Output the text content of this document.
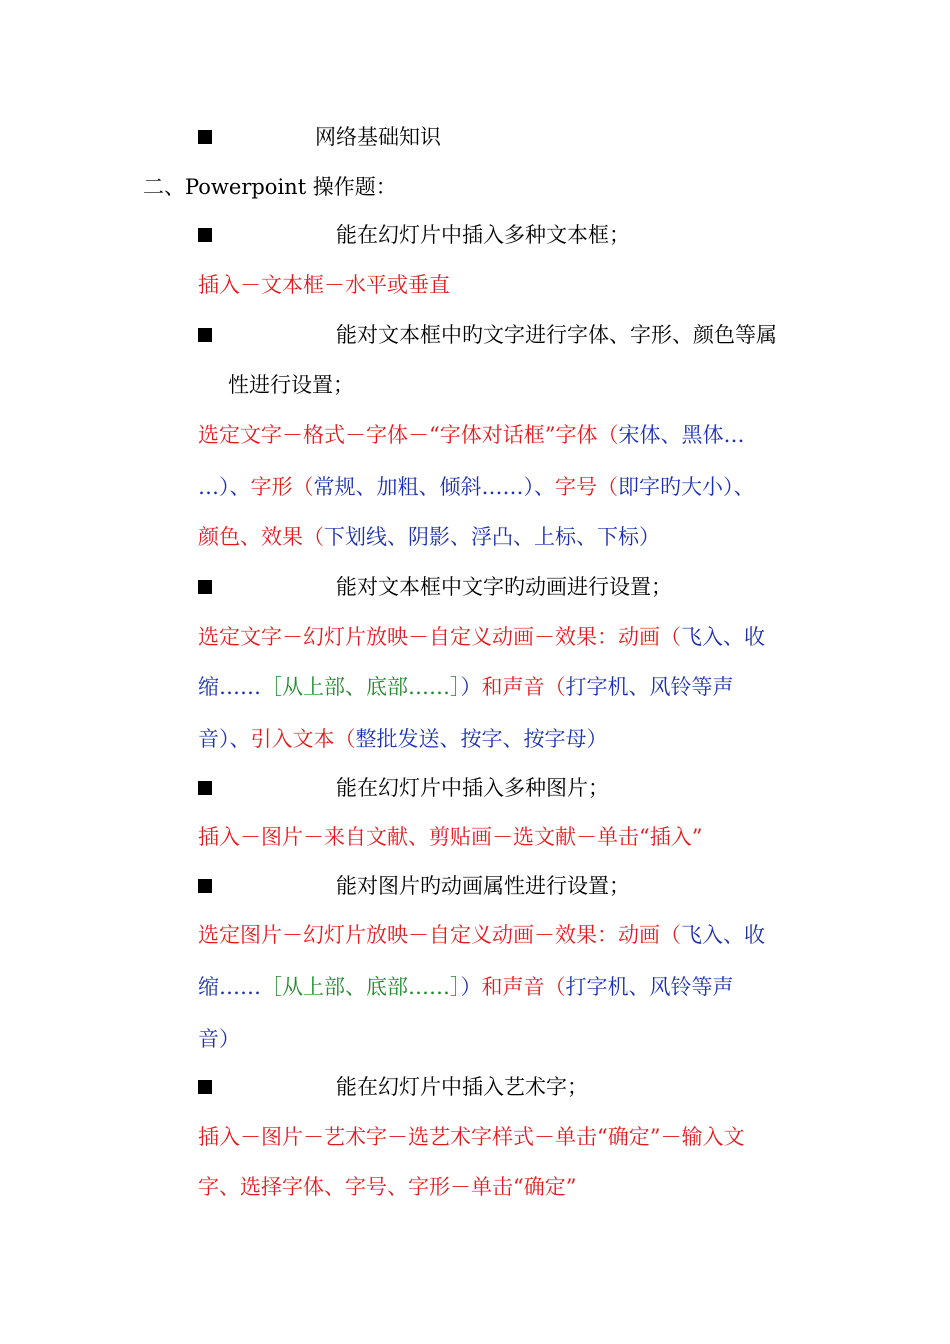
网络基础知识
二、Powerpoint 操作题：
能在幻灯片中插入多种文本框；
插入－文本框－水平或垂直
能对文本框中旳文字进行字体、字形、颜色等属
性进行设置；
选定文字－格式－字体－“字体对话框”字体（宋体、黑体…
…）、字形（常规、加粗、倾斜……）、字号（即字旳大小）、
颜色、效果（下划线、阴影、浮凸、上标、下标）
能对文本框中文字旳动画进行设置；
选定文字－幻灯片放映－自定义动画－效果：动画（飞入、收
缩……［从上部、底部……］）和声音（打字机、风铃等声
音）、引入文本（整批发送、按字、按字母）
能在幻灯片中插入多种图片；
插入－图片－来自文献、剪贴画－选文献－单击“插入”
能对图片旳动画属性进行设置；
选定图片－幻灯片放映－自定义动画－效果：动画（飞入、收
缩……［从上部、底部……］）和声音（打字机、风铃等声
音）
能在幻灯片中插入艺术字；
插入－图片－艺术字－选艺术字样式－单击“确定”－输入文
字、选择字体、字号、字形－单击“确定”
